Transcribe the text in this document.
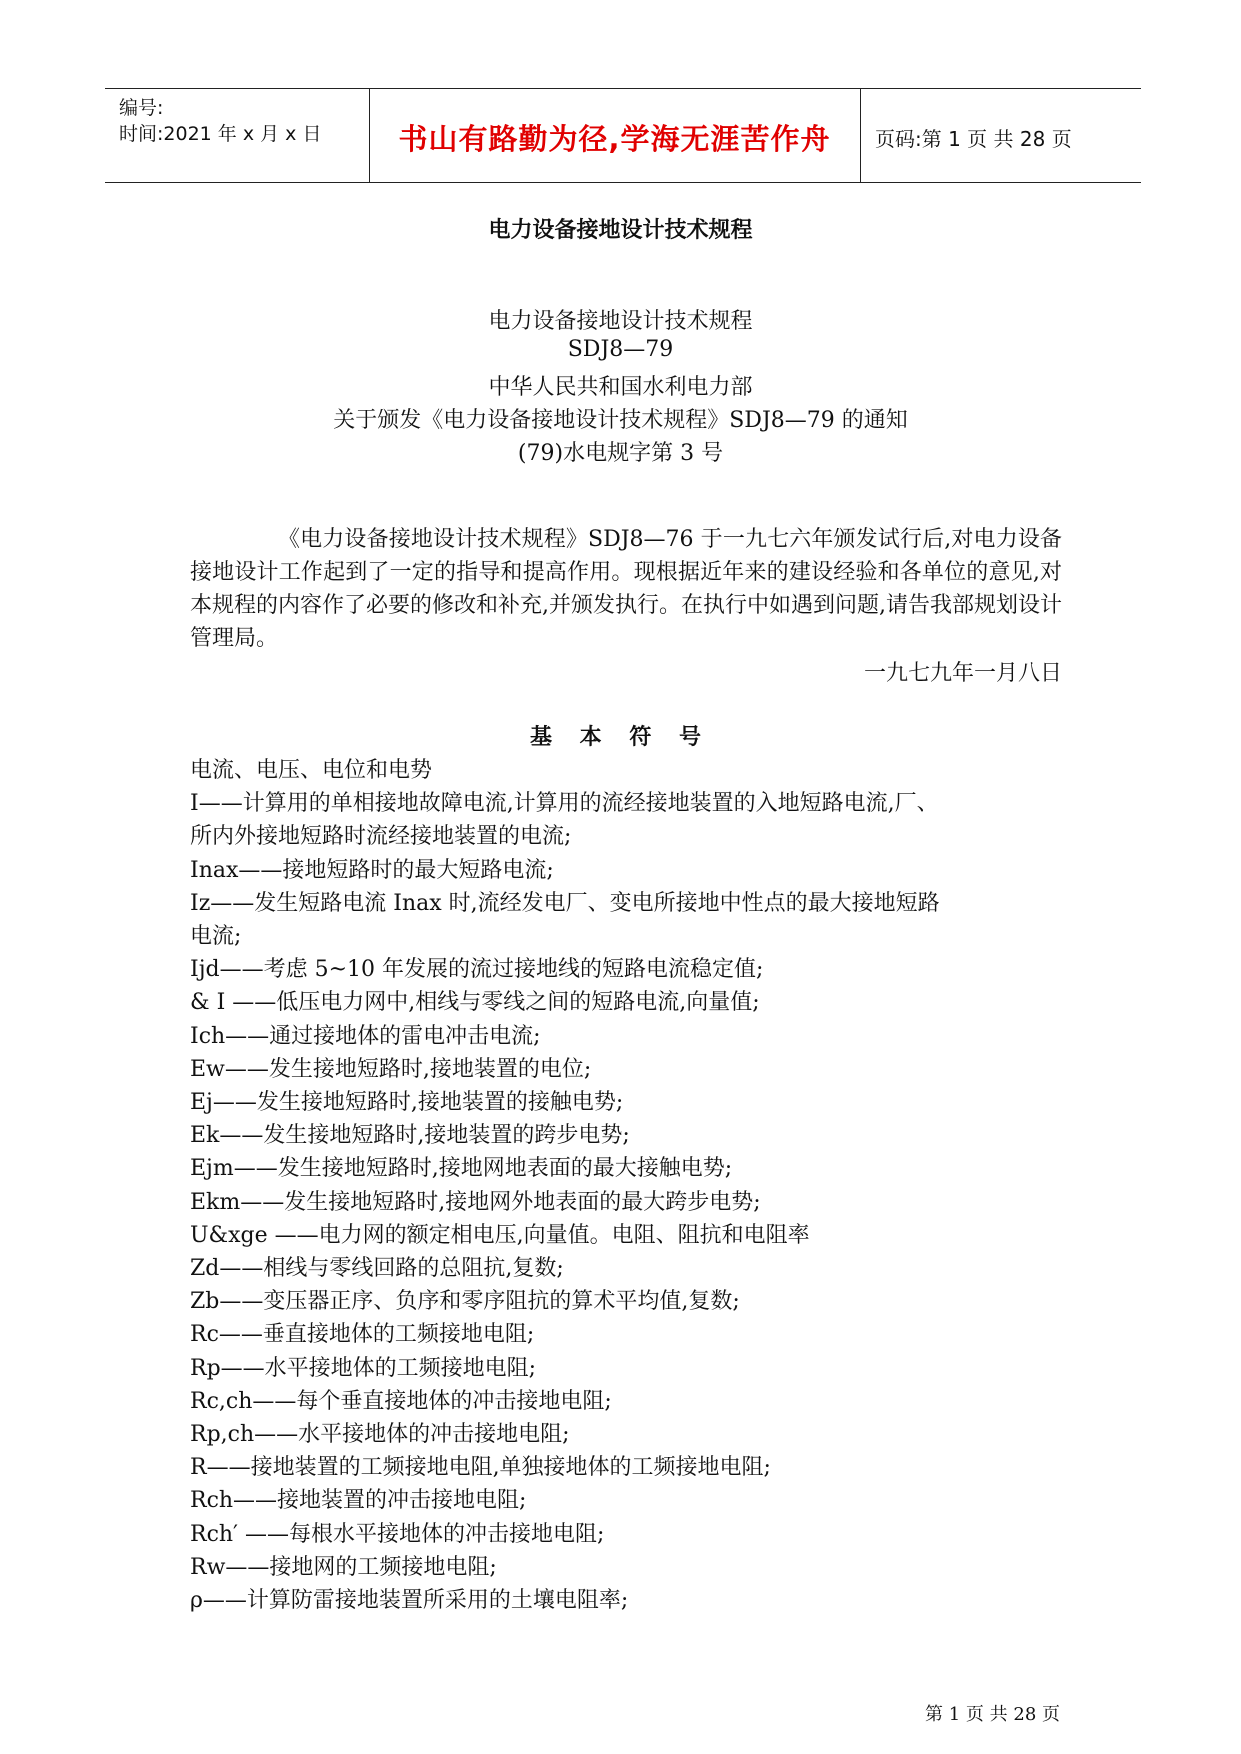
编号:
时间:2021 年 x 月 x 日	书山有路勤为径,学海无涯苦作舟	页码:第 1 页 共 28 页
电力设备接地设计技术规程
电力设备接地设计技术规程
SDJ8—79
中华人民共和国水利电力部
关于颁发《电力设备接地设计技术规程》SDJ8—79 的通知
(79)水电规字第 3 号
《电力设备接地设计技术规程》SDJ8—76 于一九七六年颁发试行后,对电力设备接地设计工作起到了一定的指导和提高作用。现根据近年来的建设经验和各单位的意见,对本规程的内容作了必要的修改和补充,并颁发执行。在执行中如遇到问题,请告我部规划设计管理局。
一九七九年一月八日
基 本 符 号
电流、电压、电位和电势
I——计算用的单相接地故障电流,计算用的流经接地装置的入地短路电流,厂、
所内外接地短路时流经接地装置的电流;
Inax——接地短路时的最大短路电流;
Iz——发生短路电流 Inax 时,流经发电厂、变电所接地中性点的最大接地短路
电流;
Ijd——考虑 5~10 年发展的流过接地线的短路电流稳定值;
& I ——低压电力网中,相线与零线之间的短路电流,向量值;
Ich——通过接地体的雷电冲击电流;
Ew——发生接地短路时,接地装置的电位;
Ej——发生接地短路时,接地装置的接触电势;
Ek——发生接地短路时,接地装置的跨步电势;
Ejm——发生接地短路时,接地网地表面的最大接触电势;
Ekm——发生接地短路时,接地网外地表面的最大跨步电势;
U&xge ——电力网的额定相电压,向量值。电阻、阻抗和电阻率
Zd——相线与零线回路的总阻抗,复数;
Zb——变压器正序、负序和零序阻抗的算术平均值,复数;
Rc——垂直接地体的工频接地电阻;
Rp——水平接地体的工频接地电阻;
Rc,ch——每个垂直接地体的冲击接地电阻;
Rp,ch——水平接地体的冲击接地电阻;
R——接地装置的工频接地电阻,单独接地体的工频接地电阻;
Rch——接地装置的冲击接地电阻;
Rch′ ——每根水平接地体的冲击接地电阻;
Rw——接地网的工频接地电阻;
ρ——计算防雷接地装置所采用的土壤电阻率;
第 1 页 共 28 页
